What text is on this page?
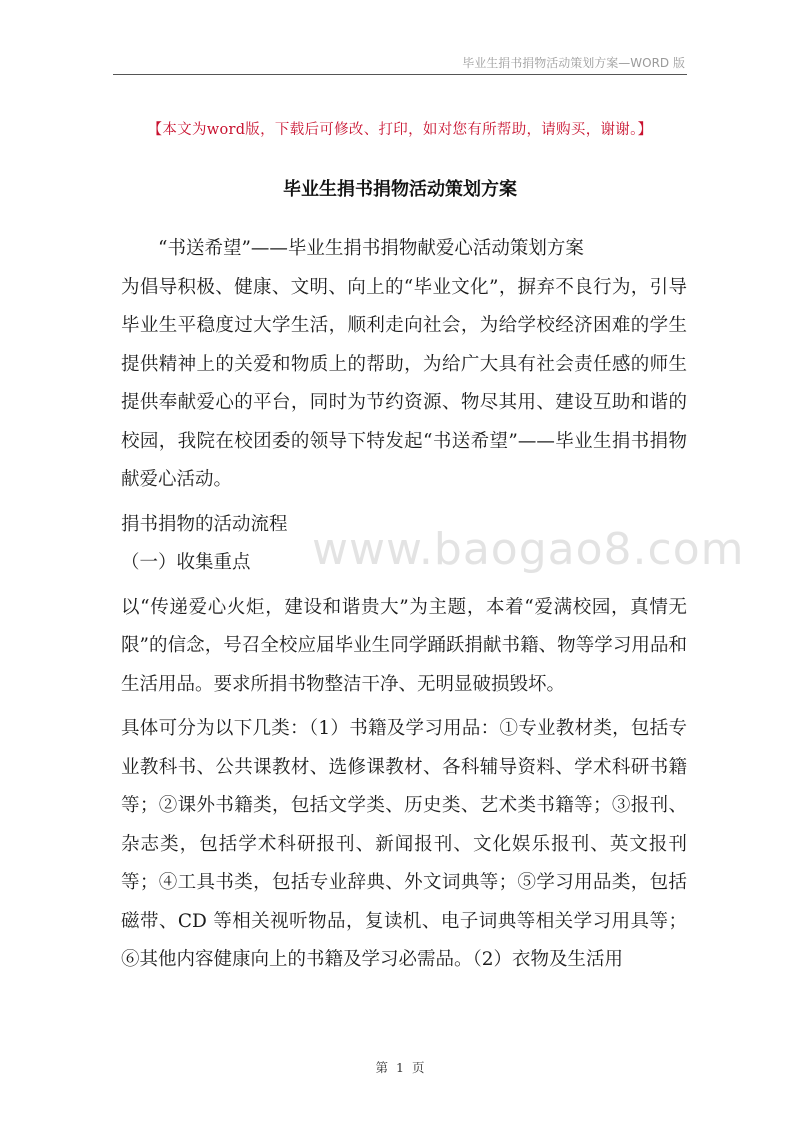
毕业生捐书捐物活动策划方案—WORD 版
【本文为word版，下载后可修改、打印，如对您有所帮助，请购买，谢谢。】
毕业生捐书捐物活动策划方案
www.baogao8.com

“书送希望”——毕业生捐书捐物献爱心活动策划方案

为倡导积极、健康、文明、向上的“毕业文化”，摒弃不良行为，引导毕业生平稳度过大学生活，顺利走向社会，为给学校经济困难的学生提供精神上的关爱和物质上的帮助，为给广大具有社会责任感的师生提供奉献爱心的平台，同时为节约资源、物尽其用、建设互助和谐的校园，我院在校团委的领导下特发起“书送希望”——毕业生捐书捐物献爱心活动。

捐书捐物的活动流程

（一）收集重点

以“传递爱心火炬，建设和谐贵大”为主题，本着“爱满校园，真情无限”的信念，号召全校应届毕业生同学踊跃捐献书籍、物等学习用品和生活用品。要求所捐书物整洁干净、无明显破损毁坏。

具体可分为以下几类：（1）书籍及学习用品：①专业教材类，包括专业教科书、公共课教材、选修课教材、各科辅导资料、学术科研书籍等；②课外书籍类，包括文学类、历史类、艺术类书籍等；③报刊、杂志类，包括学术科研报刊、新闻报刊、文化娱乐报刊、英文报刊等；④工具书类，包括专业辞典、外文词典等；⑤学习用品类，包括磁带、CD 等相关视听物品，复读机、电子词典等相关学习用具等；⑥其他内容健康向上的书籍及学习必需品。（2）衣物及生活用

第 1 页
